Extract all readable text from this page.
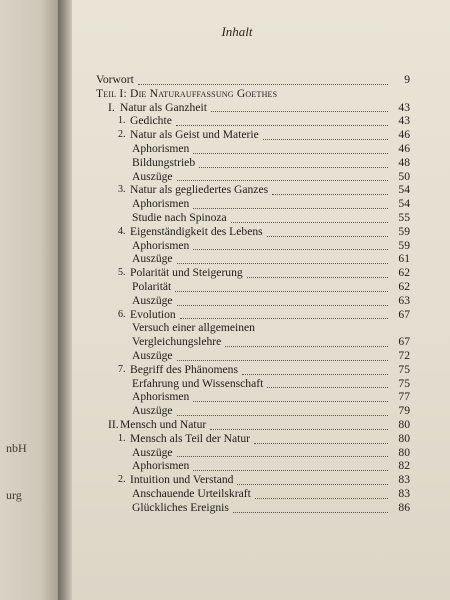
nbH
urg
Inhalt
Vorwort	9
Teil I: Die Naturauffassung Goethes
I. Natur als Ganzheit	43
1. Gedichte	43
2. Natur als Geist und Materie	46
Aphorismen	46
Bildungstrieb	48
Auszüge	50
3. Natur als gegliedertes Ganzes	54
Aphorismen	54
Studie nach Spinoza	55
4. Eigenständigkeit des Lebens	59
Aphorismen	59
Auszüge	61
5. Polarität und Steigerung	62
Polarität	62
Auszüge	63
6. Evolution	67
Versuch einer allgemeinen
Vergleichungslehre	67
Auszüge	72
7. Begriff des Phänomens	75
Erfahrung und Wissenschaft	75
Aphorismen	77
Auszüge	79
II. Mensch und Natur	80
1. Mensch als Teil der Natur	80
Auszüge	80
Aphorismen	82
2. Intuition und Verstand	83
Anschauende Urteilskraft	83
Glückliches Ereignis	86
